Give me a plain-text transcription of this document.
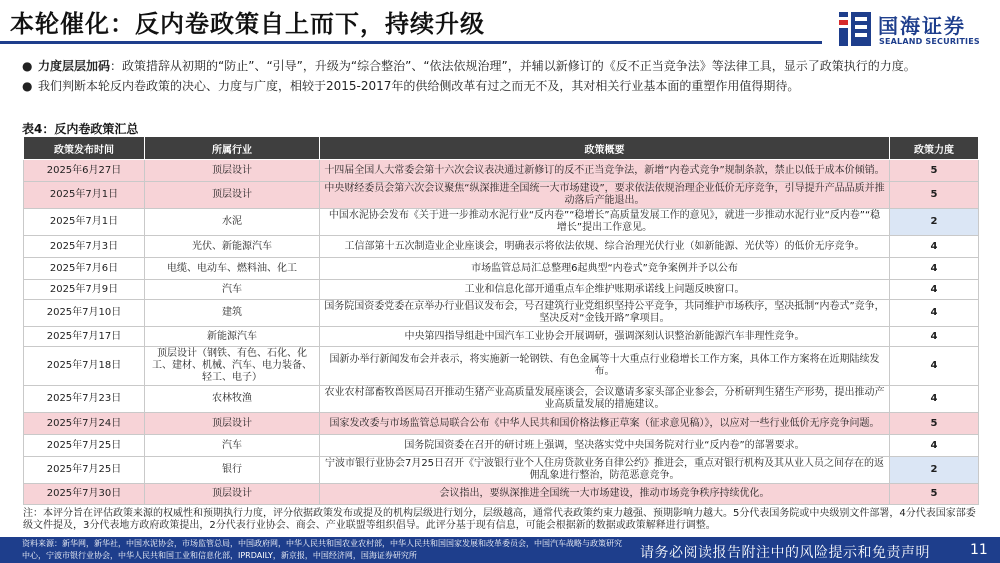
本轮催化：反内卷政策自上而下，持续升级	国海证券
SEALAND SECURITIES
● 力度层层加码：政策措辞从初期的“防止”、“引导”，升级为“综合整治”、“依法依规治理”，并辅以新修订的《反不正当竞争法》等法律工具，显示了政策执行的力度。
● 我们判断本轮反内卷政策的决心、力度与广度，相较于2015-2017年的供给侧改革有过之而无不及，其对相关行业基本面的重塑作用值得期待。
表4：反内卷政策汇总
政策发布时间	所属行业	政策概要	政策力度
2025年6月27日	顶层设计	十四届全国人大常委会第十六次会议表决通过新修订的反不正当竞争法，新增“内卷式竞争”规制条款，禁止以低于成本价倾销。	5
2025年7月1日	顶层设计	中央财经委员会第六次会议聚焦“纵深推进全国统一大市场建设”，要求依法依规治理企业低价无序竞争，引导提升产品品质并推动落后产能退出。	5
2025年7月1日	水泥	中国水泥协会发布《关于进一步推动水泥行业“反内卷”“稳增长”高质量发展工作的意见》，就进一步推动水泥行业“反内卷”“稳增长”提出工作意见。	2
2025年7月3日	光伏、新能源汽车	工信部第十五次制造业企业座谈会，明确表示将依法依规、综合治理光伏行业（如新能源、光伏等）的低价无序竞争。	4
2025年7月6日	电缆、电动车、燃料油、化工	市场监管总局汇总整理6起典型“内卷式”竞争案例并予以公布	4
2025年7月9日	汽车	工业和信息化部开通重点车企维护账期承诺线上问题反映窗口。	4
2025年7月10日	建筑	国务院国资委党委在京举办行业倡议发布会，号召建筑行业党组织坚持公平竞争，共同维护市场秩序，坚决抵制“内卷式”竞争，坚决反对“金钱开路”拿项目。	4
2025年7月17日	新能源汽车	中央第四指导组赴中国汽车工业协会开展调研，强调深刻认识整治新能源汽车非理性竞争。	4
2025年7月18日	顶层设计（钢铁、有色、石化、化工、建材、机械、汽车、电力装备、轻工、电子）	国新办举行新闻发布会并表示，将实施新一轮钢铁、有色金属等十大重点行业稳增长工作方案，具体工作方案将在近期陆续发布。	4
2025年7月23日	农林牧渔	农业农村部畜牧兽医局召开推动生猪产业高质量发展座谈会，会议邀请多家头部企业参会，分析研判生猪生产形势，提出推动产业高质量发展的措施建议。	4
2025年7月24日	顶层设计	国家发改委与市场监管总局联合公布《中华人民共和国价格法修正草案（征求意见稿）》，以应对一些行业低价无序竞争问题。	5
2025年7月25日	汽车	国务院国资委在召开的研讨班上强调，坚决落实党中央国务院对行业“反内卷”的部署要求。	4
2025年7月25日	银行	宁波市银行业协会7月25日召开《宁波银行业个人住房贷款业务自律公约》推进会，重点对银行机构及其从业人员之间存在的返佣乱象进行整治，防范恶意竞争。	2
2025年7月30日	顶层设计	会议指出，要纵深推进全国统一大市场建设，推动市场竞争秩序持续优化。	5
注：本评分旨在评估政策来源的权威性和预期执行力度，评分依据政策发布或提及的机构层级进行划分，层级越高，通常代表政策约束力越强、预期影响力越大。5分代表国务院或中央级别文件部署，4分代表国家部委级文件提及，3分代表地方政府政策提出，2分代表行业协会、商会、产业联盟等组织倡导。此评分基于现有信息，可能会根据新的数据或政策解释进行调整。
资料来源：新华网，新华社，中国水泥协会，市场监管总局，中国政府网，中华人民共和国农业农村部，中华人民共和国国家发展和改革委员会，中国汽车战略与政策研究中心，宁波市银行业协会，中华人民共和国工业和信息化部，IPRDAILY，新京报，中国经济网，国海证券研究所	请务必阅读报告附注中的风险提示和免责声明	11
